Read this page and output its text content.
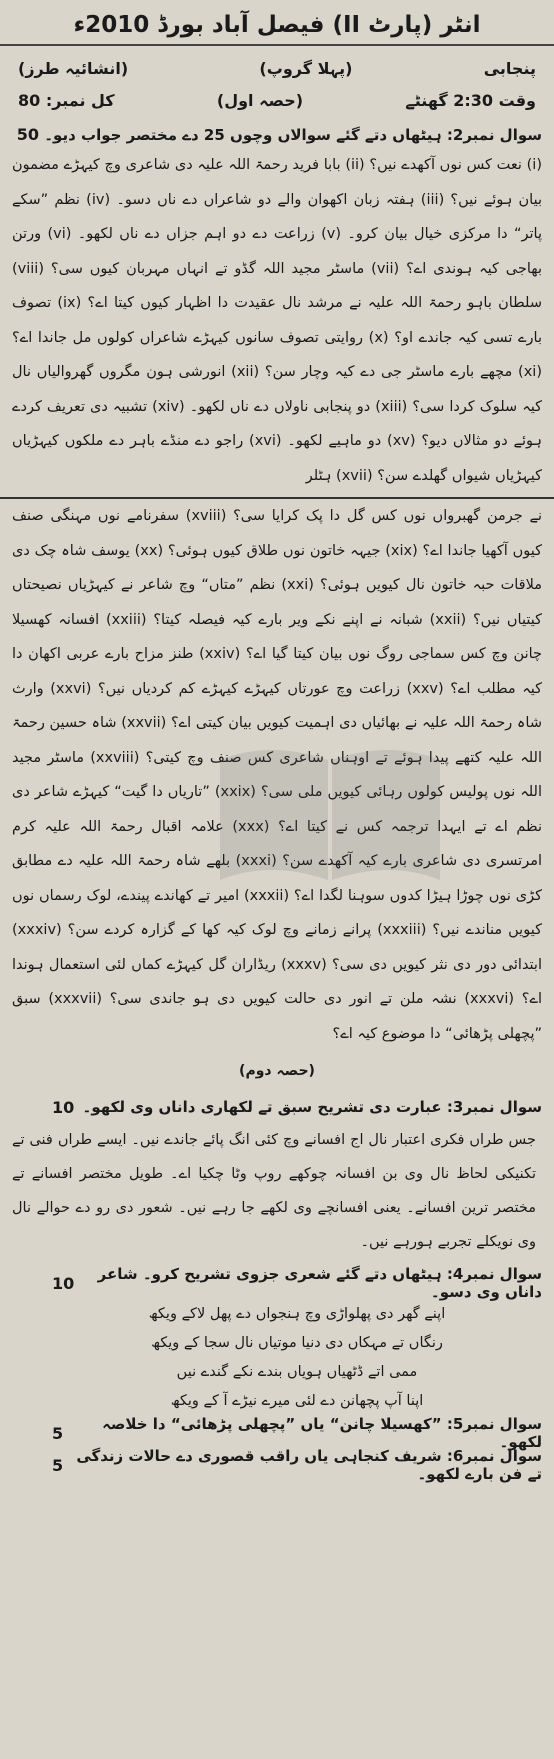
انٹر (پارٹ II) فیصل آباد بورڈ 2010ء
پنجابی
(پہلا گروپ)
(انشائیہ طرز)
وقت 2:30 گھنٹے
(حصہ اول)
کل نمبر: 80
سوال نمبر2: ہیٹھاں دتے گئے سوالاں وچوں 25 دے مختصر جواب دیو۔ 50

(i) نعت کس نوں آکھدے نیں؟ (ii) بابا فرید رحمۃ اللہ علیہ دی شاعری وچ کیہڑے مضمون بیان ہوئے نیں؟ (iii) ہفتہ زبان اکھوان والے دو شاعراں دے ناں دسو۔ (iv) نظم ”سکے پاتر“ دا مرکزی خیال بیان کرو۔ (v) زراعت دے دو اہم جزاں دے ناں لکھو۔ (vi) ورتن بھاجی کیہ ہوندی اے؟ (vii) ماسٹر مجید اللہ گڈو تے انہاں مہربان کیوں سی؟ (viii) سلطان باہو رحمۃ اللہ علیہ نے مرشد نال عقیدت دا اظہار کیوں کیتا اے؟ (ix) تصوف بارے تسی کیہ جاندے او؟ (x) روایتی تصوف سانوں کیہڑے شاعراں کولوں مل جاندا اے؟ (xi) مچھے بارے ماسٹر جی دے کیہ وچار سن؟ (xii) انورشی ہون مگروں گھروالیاں نال کیہ سلوک کردا سی؟ (xiii) دو پنجابی ناولاں دے ناں لکھو۔ (xiv) تشبیہ دی تعریف کردے ہوئے دو مثالاں دیو؟ (xv) دو ماہیے لکھو۔ (xvi) راجو دے منڈے باہر دے ملکوں کیہڑیاں کیہڑیاں شیواں گھلدے سن؟ (xvii) ہٹلر

نے جرمن گھبرواں نوں کس گل دا پک کرایا سی؟ (xviii) سفرنامے نوں مہنگی صنف کیوں آکھیا جاندا اے؟ (xix) جیہہ خاتون نوں طلاق کیوں ہوئی؟ (xx) یوسف شاہ چک دی ملاقات حبہ خاتون نال کیویں ہوئی؟ (xxi) نظم ”متاں“ وچ شاعر نے کیہڑیاں نصیحتاں کیتیاں نیں؟ (xxii) شبانہ نے اپنے نکے ویر بارے کیہ فیصلہ کیتا؟ (xxiii) افسانہ کھسیلا چانن وچ کس سماجی روگ نوں بیان کیتا گیا اے؟ (xxiv) طنز مزاح بارے عربی اکھان دا کیہ مطلب اے؟ (xxv) زراعت وچ عورتاں کیہڑے کیہڑے کم کردیاں نیں؟ (xxvi) وارث شاہ رحمۃ اللہ علیہ نے بھائیاں دی اہمیت کیویں بیان کیتی اے؟ (xxvii) شاہ حسین رحمۃ اللہ علیہ کتھے پیدا ہوئے تے اوہناں شاعری کس صنف وچ کیتی؟ (xxviii) ماسٹر مجید اللہ نوں پولیس کولوں رہائی کیویں ملی سی؟ (xxix) ”تاریاں دا گیت“ کیہڑے شاعر دی نظم اے تے ایہدا ترجمہ کس نے کیتا اے؟ (xxx) علامہ اقبال رحمۃ اللہ علیہ کرم امرتسری دی شاعری بارے کیہ آکھدے سن؟ (xxxi) بلھے شاہ رحمۃ اللہ علیہ دے مطابق کڑی نوں چوڑا ہیڑا کدوں سوہنا لگدا اے؟ (xxxii) امیر تے کھاندے پیندے، لوک رسماں نوں کیویں مناندے نیں؟ (xxxiii) پرانے زمانے وچ لوک کیہ کھا کے گزارہ کردے سن؟ (xxxiv) ابتدائی دور دی نثر کیویں دی سی؟ (xxxv) ریڈاران گل کیہڑے کماں لئی استعمال ہوندا اے؟ (xxxvi) نشہ ملن تے انور دی حالت کیویں دی ہو جاندی سی؟ (xxxvii) سبق ”پچھلی پڑھائی“ دا موضوع کیہ اے؟

(حصہ دوم)
سوال نمبر3: عبارت دی تشریح سبق تے لکھاری داناں وی لکھو۔
10

جس طراں فکری اعتبار نال اج افسانے وچ کئی انگ پائے جاندے نیں۔ ایسے طراں فنی تے تکنیکی لحاظ نال وی بن افسانہ چوکھے روپ وٹا چکیا اے۔ طویل مختصر افسانے تے مختصر ترین افسانے۔ یعنی افسانچے وی لکھے جا رہے نیں۔ شعور دی رو دے حوالے نال وی نویکلے تجربے ہورہے نیں۔

سوال نمبر4: ہیٹھاں دتے گئے شعری جزوی تشریح کرو۔ شاعر داناں وی دسو۔
10
اپنے گھر دی پھلواڑی وچ ہنجواں دے پھل لاکے ویکھ
رنگاں تے مہکاں دی دنیا موتیاں نال سجا کے ویکھ
ممی اتے ڈٹھیاں ہویاں بندے نکے گندے نیں
اپنا آپ پچھانن دے لئی میرے نیڑے آ کے ویکھ
سوال نمبر5: ”کھسیلا چانن“ یاں ”پچھلی پڑھائی“ دا خلاصہ لکھو۔
5
سوال نمبر6: شریف کنجاہی یاں راقب قصوری دے حالات زندگی تے فن بارے لکھو۔
5
